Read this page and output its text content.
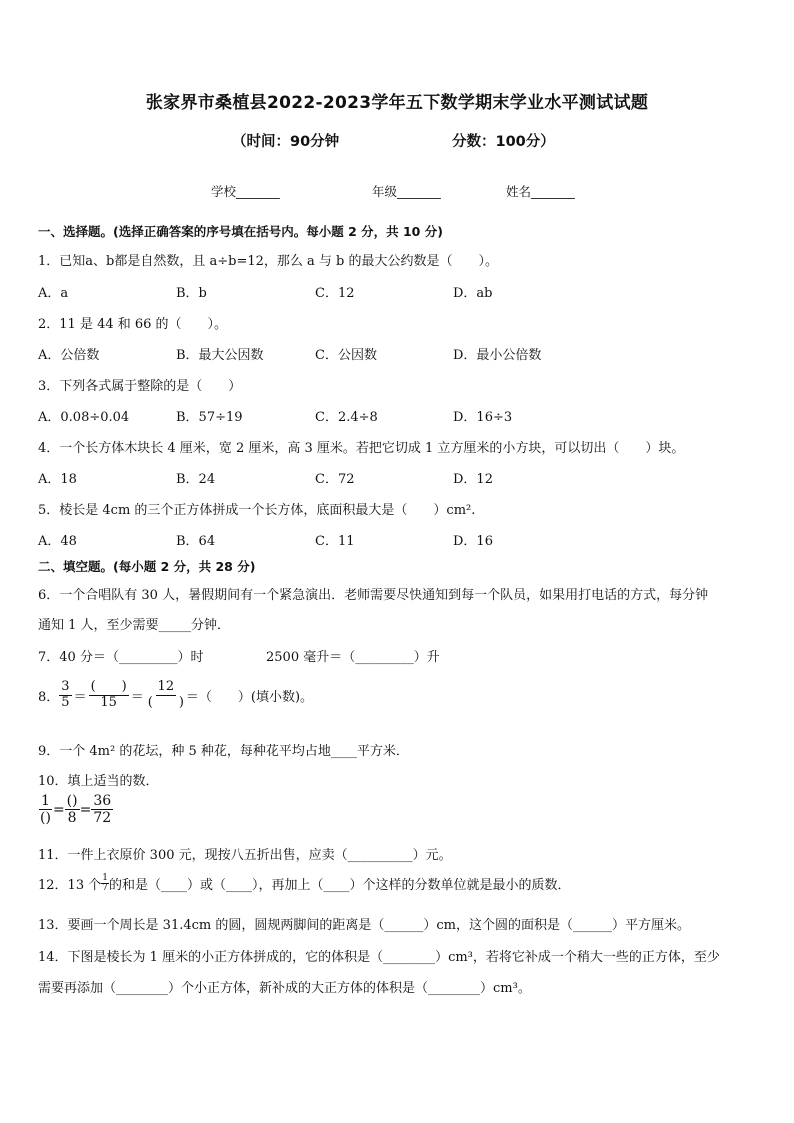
张家界市桑植县2022-2023学年五下数学期末学业水平测试试题
（时间：90分钟	分数：100分）
学校_______	年级_______	姓名_______
一、选择题。(选择正确答案的序号填在括号内。每小题 2 分，共 10 分)
1．已知a、b都是自然数，且 a÷b=12，那么 a 与 b 的最大公约数是（　　）。
A．a	B．b	C．12	D．ab
2．11 是 44 和 66 的（　　）。
A．公倍数	B．最大公因数	C．公因数	D．最小公倍数
3．下列各式属于整除的是（　　）
A．0.08÷0.04	B．57÷19	C．2.4÷8	D．16÷3
4．一个长方体木块长 4 厘米，宽 2 厘米，高 3 厘米。若把它切成 1 立方厘米的小方块，可以切出（　　）块。
A．18	B．24	C．72	D．12
5．棱长是 4cm 的三个正方体拼成一个长方体，底面积最大是（　　）cm².
A．48	B．64	C．11	D．16
二、填空题。(每小题 2 分，共 28 分)
6．一个合唱队有 30 人，暑假期间有一个紧急演出．老师需要尽快通知到每一个队员，如果用打电话的方式，每分钟
通知 1 人，至少需要_____分钟．
7．40 分＝（_________）时	2500 毫升＝（_________）升
8． $\frac{3}{5} = \frac{( )}{15} = \frac{12}{( )}$ ＝（　　）(填小数)。
9．一个 4m² 的花坛，种 5 种花，每种花平均占地____平方米．
10．填上适当的数．
$\frac{1}{()} = \frac{()}{8} = \frac{36}{72}$
11．一件上衣原价 300 元，现按八五折出售，应卖（__________）元。
12．13 个 $\frac{1}{7}$ 的和是（____）或（____），再加上（____）个这样的分数单位就是最小的质数．
13．要画一个周长是 31.4cm 的圆，圆规两脚间的距离是（______）cm，这个圆的面积是（______）平方厘米。
14．下图是棱长为 1 厘米的小正方体拼成的，它的体积是（________）cm³，若将它补成一个稍大一些的正方体，至少
需要再添加（________）个小正方体，新补成的大正方体的体积是（________）cm³。
